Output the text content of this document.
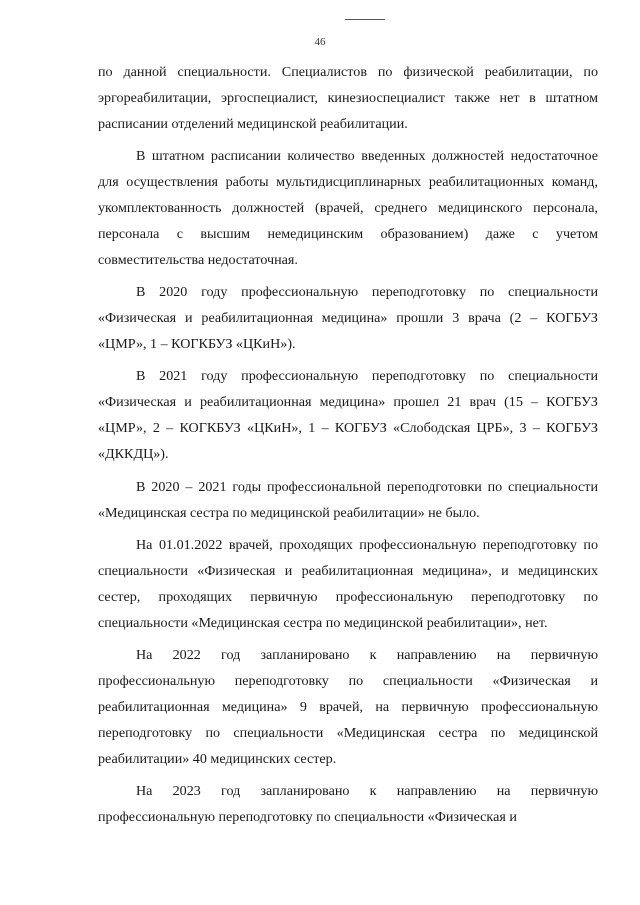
46

по данной специальности. Специалистов по физической реабилитации, по эргореабилитации, эргоспециалист, кинезиоспециалист также нет в штатном расписании отделений медицинской реабилитации.

В штатном расписании количество введенных должностей недостаточное для осуществления работы мультидисциплинарных реабилитационных команд, укомплектованность должностей (врачей, среднего медицинского персонала, персонала с высшим немедицинским образованием) даже с учетом совместительства недостаточная.

В 2020 году профессиональную переподготовку по специальности «Физическая и реабилитационная медицина» прошли 3 врача (2 – КОГБУЗ «ЦМР», 1 – КОГКБУЗ «ЦКиН»).

В 2021 году профессиональную переподготовку по специальности «Физическая и реабилитационная медицина» прошел 21 врач (15 – КОГБУЗ «ЦМР», 2 – КОГКБУЗ «ЦКиН», 1 – КОГБУЗ «Слободская ЦРБ», 3 – КОГБУЗ «ДККДЦ»).

В 2020 – 2021 годы профессиональной переподготовки по специальности «Медицинская сестра по медицинской реабилитации» не было.

На 01.01.2022 врачей, проходящих профессиональную переподготовку по специальности «Физическая и реабилитационная медицина», и медицинских сестер, проходящих первичную профессиональную переподготовку по специальности «Медицинская сестра по медицинской реабилитации», нет.

На 2022 год запланировано к направлению на первичную профессиональную переподготовку по специальности «Физическая и реабилитационная медицина» 9 врачей, на первичную профессиональную переподготовку по специальности «Медицинская сестра по медицинской реабилитации» 40 медицинских сестер.

На 2023 год запланировано к направлению на первичную профессиональную переподготовку по специальности «Физическая и
